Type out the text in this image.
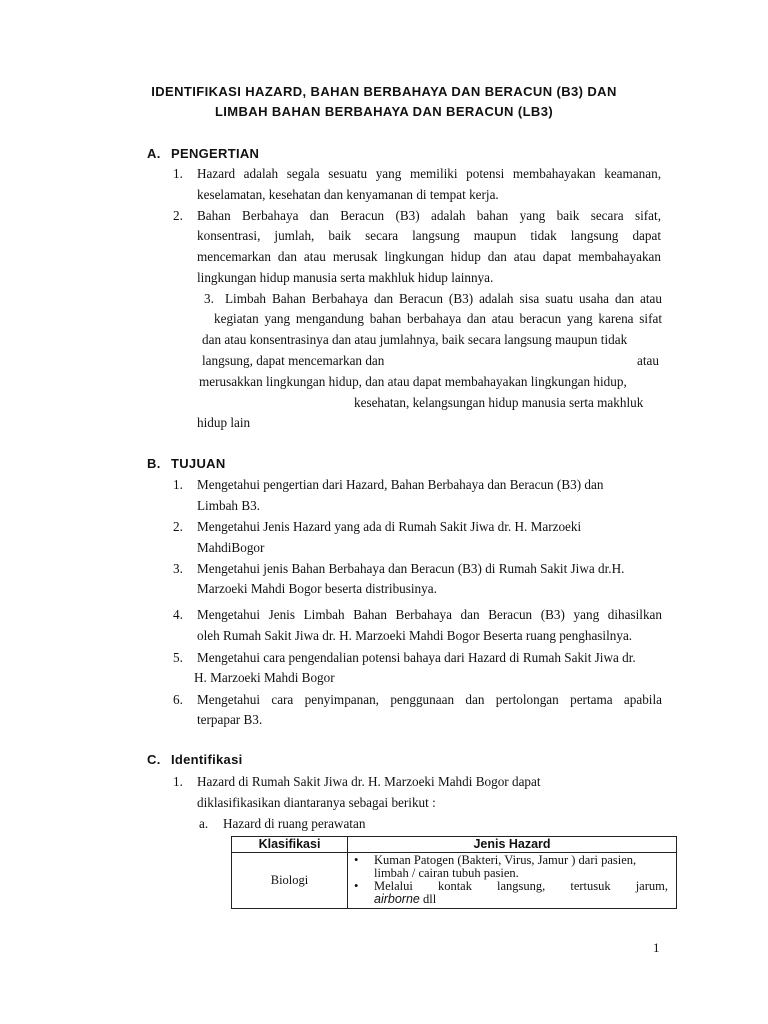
IDENTIFIKASI HAZARD, BAHAN BERBAHAYA DAN BERACUN (B3) DAN
LIMBAH BAHAN BERBAHAYA DAN BERACUN (LB3)
A. PENGERTIAN
1. Hazard adalah segala sesuatu yang memiliki potensi membahayakan keamanan,
keselamatan, kesehatan dan kenyamanan di tempat kerja.
2. Bahan Berbahaya dan Beracun (B3) adalah bahan yang baik secara sifat,
konsentrasi, jumlah, baik secara langsung maupun tidak langsung dapat
mencemarkan dan atau merusak lingkungan hidup dan atau dapat membahayakan
lingkungan hidup manusia serta makhluk hidup lainnya.
3. Limbah Bahan Berbahaya dan Beracun (B3) adalah sisa suatu usaha dan atau
kegiatan yang mengandung bahan berbahaya dan atau beracun yang karena sifat
dan atau konsentrasinya dan atau jumlahnya, baik secara langsung maupun tidak
langsung, dapat mencemarkan dan	atau
merusakkan lingkungan hidup, dan atau dapat membahayakan lingkungan hidup,
kesehatan, kelangsungan hidup manusia serta makhluk
hidup lain
B. TUJUAN
1. Mengetahui pengertian dari Hazard, Bahan Berbahaya dan Beracun (B3) dan
Limbah B3.
2. Mengetahui Jenis Hazard yang ada di Rumah Sakit Jiwa dr. H. Marzoeki
MahdiBogor
3. Mengetahui jenis Bahan Berbahaya dan Beracun (B3) di Rumah Sakit Jiwa dr.H.
Marzoeki Mahdi Bogor beserta distribusinya.
4. Mengetahui Jenis Limbah Bahan Berbahaya dan Beracun (B3) yang dihasilkan
oleh Rumah Sakit Jiwa dr. H. Marzoeki Mahdi Bogor Beserta ruang penghasilnya.
5. Mengetahui cara pengendalian potensi bahaya dari Hazard di Rumah Sakit Jiwa dr.
H. Marzoeki Mahdi Bogor
6. Mengetahui cara penyimpanan, penggunaan dan pertolongan pertama apabila
terpapar B3.
C. Identifikasi
1. Hazard di Rumah Sakit Jiwa dr. H. Marzoeki Mahdi Bogor dapat
diklasifikasikan diantaranya sebagai berikut :
a. Hazard di ruang perawatan
Klasifikasi	Jenis Hazard
Biologi	• Kuman Patogen (Bakteri, Virus, Jamur ) dari pasien, limbah / cairan tubuh pasien.
• Melalui kontak langsung, tertusuk jarum,
airborne dll
1
